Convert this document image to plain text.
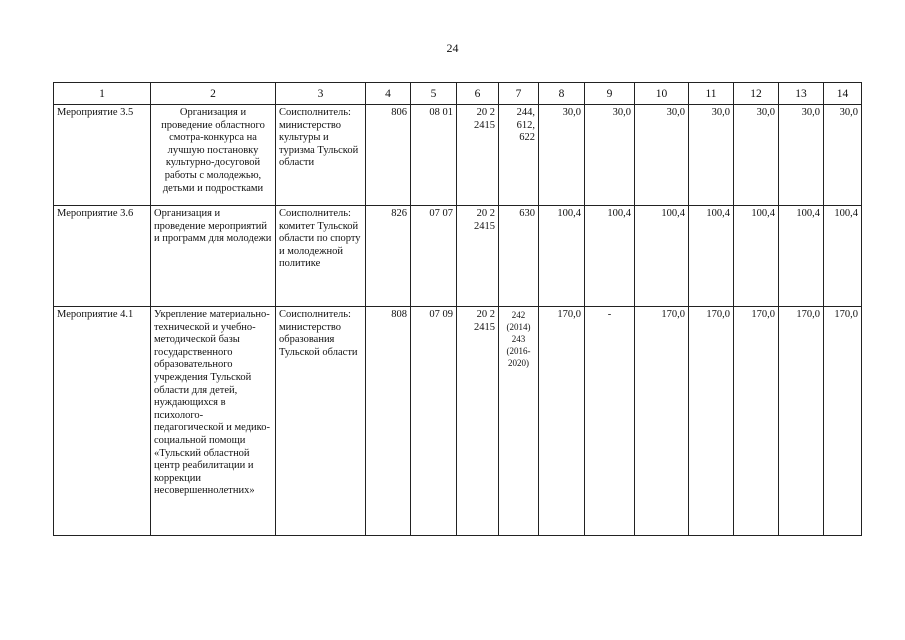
24
1	2	3	4	5	6	7	8	9	10	11	12	13	14
Мероприятие 3.5	Организация и проведение областного смотра-конкурса на лучшую постановку культурно-досуговой работы с молодежью, детьми и подростками	Соисполнитель: министерство культуры и туризма Тульской области	806	08 01	20 2 2415	244, 612, 622	30,0	30,0	30,0	30,0	30,0	30,0	30,0
Мероприятие 3.6	Организация и проведение мероприятий и программ для молодежи	Соисполнитель: комитет Тульской области по спорту и молодежной политике	826	07 07	20 2 2415	630	100,4	100,4	100,4	100,4	100,4	100,4	100,4
Мероприятие 4.1	Укрепление материально-технической и учебно-методической базы государственного образовательного учреждения Тульской области для детей, нуждающихся в психолого-педагогической и медико-социальной помощи «Тульский областной центр реабилитации и коррекции несовершеннолетних»	Соисполнитель: министерство образования Тульской области	808	07 09	20 2 2415	242 (2014) 243 (2016-2020)	170,0	-	170,0	170,0	170,0	170,0	170,0
